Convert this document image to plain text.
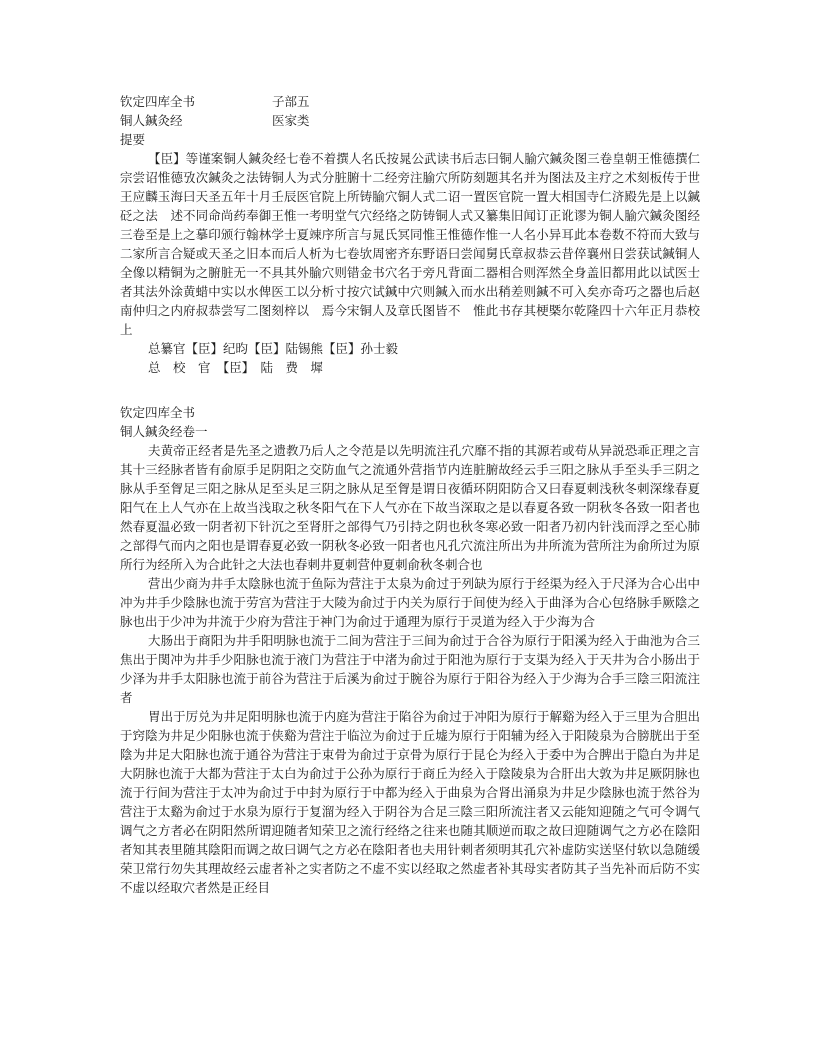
钦定四库全书	子部五
铜人鍼灸经	医家类
提要
【臣】等谨案铜人鍼灸经七卷不着撰人名氏按晁公武读书后志曰铜人腧穴鍼灸图三卷皇朝王惟德撰仁宗尝诏惟德攷次鍼灸之法铸铜人为式分脏腑十二经旁注腧穴所防刻题其名并为图法及主疗之术刻板传于世王应麟玉海曰天圣五年十月壬辰医官院上所铸腧穴铜人式二诏一置医官院一置大相国寺仁济殿先是上以鍼砭之法　述不同命尚药奉御王惟一考明堂气穴经络之防铸铜人式又纂集旧闻订正讹谬为铜人腧穴鍼灸图经三卷至是上之摹印颁行翰林学士夏竦序所言与晁氏冥同惟王惟德作惟一人名小异耳此本卷数不符而大致与二家所言合疑或天圣之旧本而后人析为七卷欤周密齐东野语曰尝闻舅氏章叔恭云昔倅襄州日尝获试鍼铜人全像以精铜为之腑脏无一不具其外腧穴则错金书穴名于旁凡背面二器相合则浑然全身盖旧都用此以试医士者其法外涂黄蜡中实以水俾医工以分析寸按穴试鍼中穴则鍼入而水出稍差则鍼不可入矣亦奇巧之器也后赵南仲归之内府叔恭尝写二图刻梓以　焉今宋铜人及章氏图皆不　惟此书存其梗槩尔乾隆四十六年正月恭校上
总纂官【臣】纪昀【臣】陆锡熊【臣】孙士毅
总　校　官　【臣】　陆　费　墀
钦定四库全书
铜人鍼灸经卷一
夫黄帝正经者是先圣之遗教乃后人之令范是以先明流注孔穴靡不指的其源若或苟从异説恐乖正理之言其十三经脉者皆有俞原手足阴阳之交防血气之流通外营指节内连脏腑故经云手三阳之脉从手至头手三阴之脉从手至胷足三阳之脉从足至头足三阴之脉从足至胷是谓日夜循环阴阳防合又曰春夏刺浅秋冬刺深缘春夏阳气在上人气亦在上故当浅取之秋冬阳气在下人气亦在下故当深取之是以春夏各致一阴秋冬各致一阳者也然春夏温必致一阴者初下针沉之至肾肝之部得气乃引持之阴也秋冬寒必致一阳者乃初内针浅而浮之至心肺之部得气而内之阳也是谓春夏必致一阴秋冬必致一阳者也凡孔穴流注所出为井所流为营所注为俞所过为原所行为经所入为合此针之大法也春刺井夏刺营仲夏刺俞秋冬刺合也
营出少商为井手太陰脉也流于鱼际为营注于太泉为俞过于列缺为原行于经渠为经入于尺泽为合心出中冲为井手少陰脉也流于劳宫为营注于大陵为俞过于内关为原行于间使为经入于曲泽为合心包络脉手厥陰之脉也出于少冲为井流于少府为营注于神门为俞过于通理为原行于灵道为经入于少海为合
大肠出于商阳为井手阳明脉也流于二间为营注于三间为俞过于合谷为原行于阳溪为经入于曲池为合三焦出于関冲为井手少阳脉也流于液门为营注于中渚为俞过于阳池为原行于支渠为经入于天井为合小肠出于少泽为井手太阳脉也流于前谷为营注于后溪为俞过于腕谷为原行于阳谷为经入于少海为合手三陰三阳流注者
胃出于厉兑为井足阳明脉也流于内庭为营注于陷谷为俞过于冲阳为原行于解谿为经入于三里为合胆出于窍陰为井足少阳脉也流于侠谿为营注于临泣为俞过于丘墟为原行于阳辅为经入于阳陵泉为合膀胱出于至陰为井足大阳脉也流于通谷为营注于束骨为俞过于京骨为原行于昆仑为经入于委中为合脾出于隐白为井足大阴脉也流于大都为营注于太白为俞过于公孙为原行于商丘为经入于陰陵泉为合肝出大敦为井足厥阴脉也流于行间为营注于太冲为俞过于中封为原行于中都为经入于曲泉为合肾出涌泉为井足少陰脉也流于然谷为营注于太谿为俞过于水泉为原行于复溜为经入于阴谷为合足三陰三阳所流注者又云能知迎随之气可令调气调气之方者必在阴阳然所谓迎随者知荣卫之流行经络之往来也随其顺逆而取之故曰迎随调气之方必在陰阳者知其表里随其陰阳而调之故曰调气之方必在陰阳者也夫用针刺者须明其孔穴补虚防实送坚付软以急随缓荣卫常行勿失其理故经云虚者补之实者防之不虚不实以经取之然虚者补其母实者防其子当先补而后防不实不虚以经取穴者然是正经目
